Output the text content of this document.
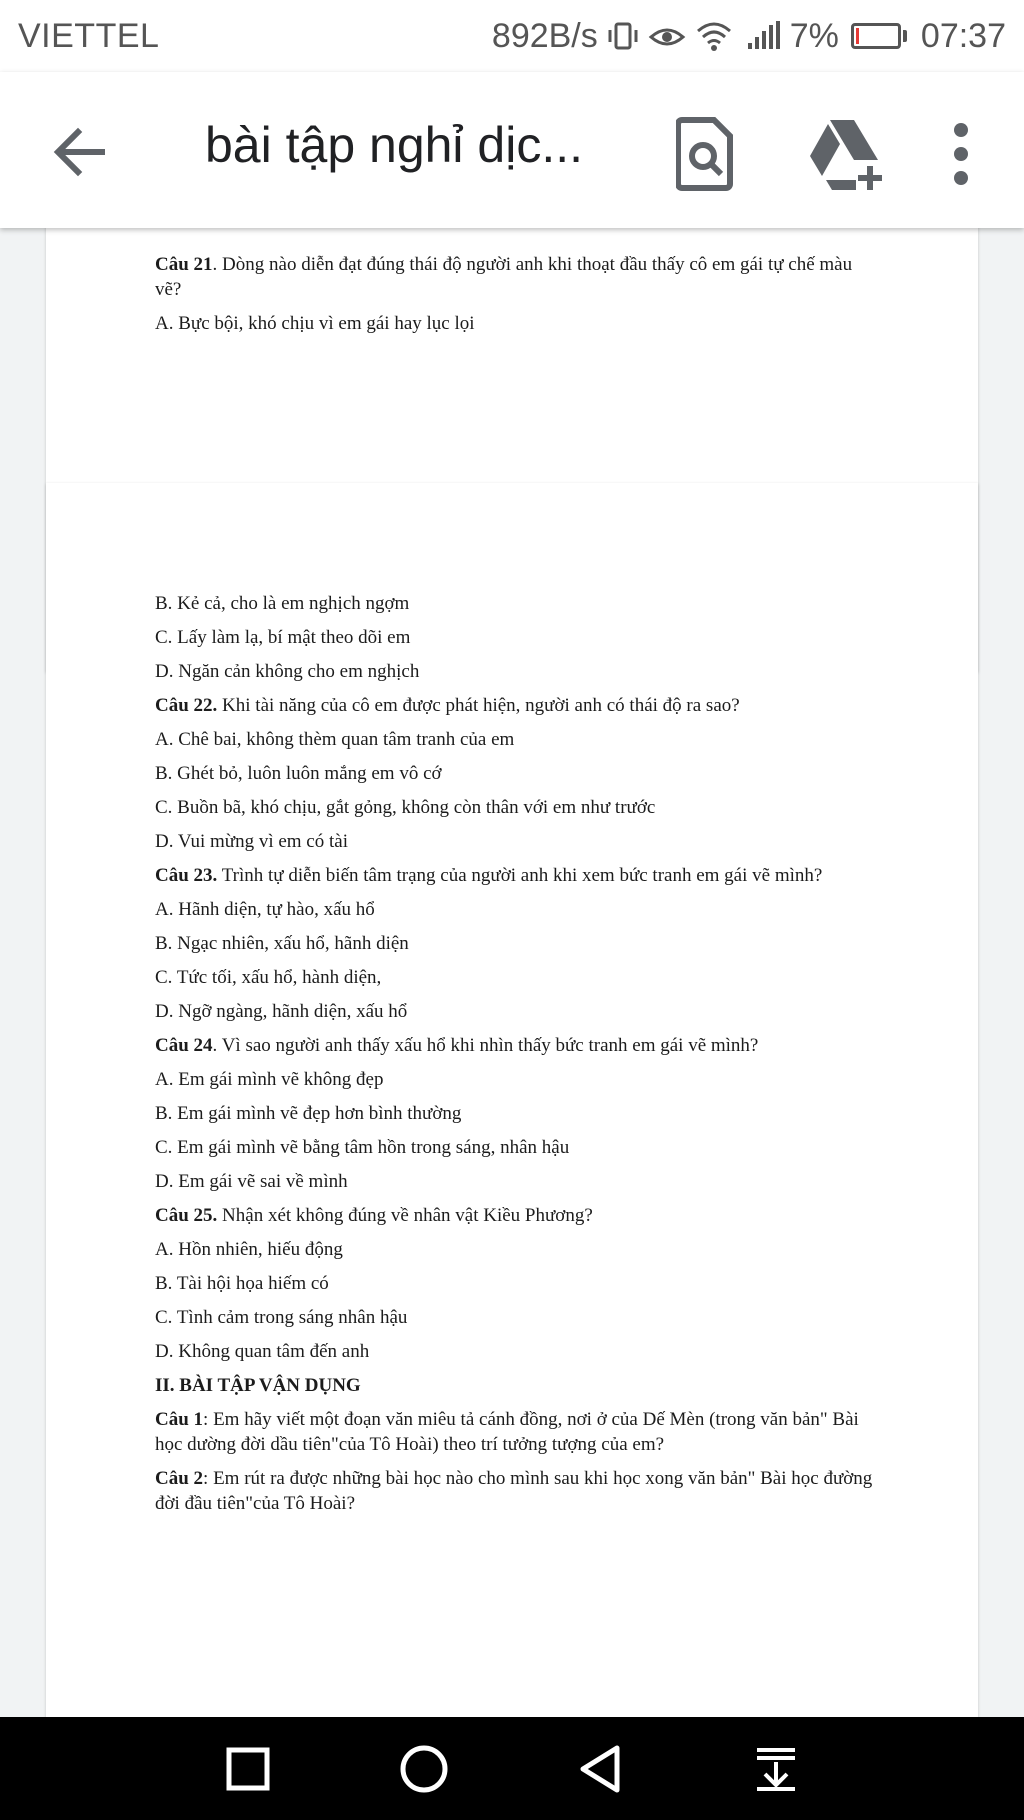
VIETTEL	892B/s	7% 07:37
bài tập nghỉ dịc...

Câu 21. Dòng nào diễn đạt đúng thái độ người anh khi thoạt đầu thấy cô em gái tự chế màu vẽ?
A. Bực bội, khó chịu vì em gái hay lục lọi
B. Kẻ cả, cho là em nghịch ngợm
C. Lấy làm lạ, bí mật theo dõi em
D. Ngăn cản không cho em nghịch
Câu 22. Khi tài năng của cô em được phát hiện, người anh có thái độ ra sao?
A. Chê bai, không thèm quan tâm tranh của em
B. Ghét bỏ, luôn luôn mắng em vô cớ
C. Buồn bã, khó chịu, gắt gỏng, không còn thân với em như trước
D. Vui mừng vì em có tài
Câu 23. Trình tự diễn biến tâm trạng của người anh khi xem bức tranh em gái vẽ mình?
A. Hãnh diện, tự hào, xấu hổ
B. Ngạc nhiên, xấu hổ, hãnh diện
C. Tức tối, xấu hổ, hành diện,
D. Ngỡ ngàng, hãnh diện, xấu hổ
Câu 24. Vì sao người anh thấy xấu hổ khi nhìn thấy bức tranh em gái vẽ mình?
A. Em gái mình vẽ không đẹp
B. Em gái mình vẽ đẹp hơn bình thường
C. Em gái mình vẽ bằng tâm hồn trong sáng, nhân hậu
D. Em gái vẽ sai về mình
Câu 25. Nhận xét không đúng về nhân vật Kiều Phương?
A. Hồn nhiên, hiếu động
B. Tài hội họa hiếm có
C. Tình cảm trong sáng nhân hậu
D. Không quan tâm đến anh
II. BÀI TẬP VẬN DỤNG
Câu 1: Em hãy viết một đoạn văn miêu tả cánh đồng, nơi ở của Dế Mèn (trong văn bản" Bài học dường đời dầu tiên"của Tô Hoài) theo trí tưởng tượng của em?
Câu 2: Em rút ra được những bài học nào cho mình sau khi học xong văn bản" Bài học đường đời đầu tiên"của Tô Hoài?
